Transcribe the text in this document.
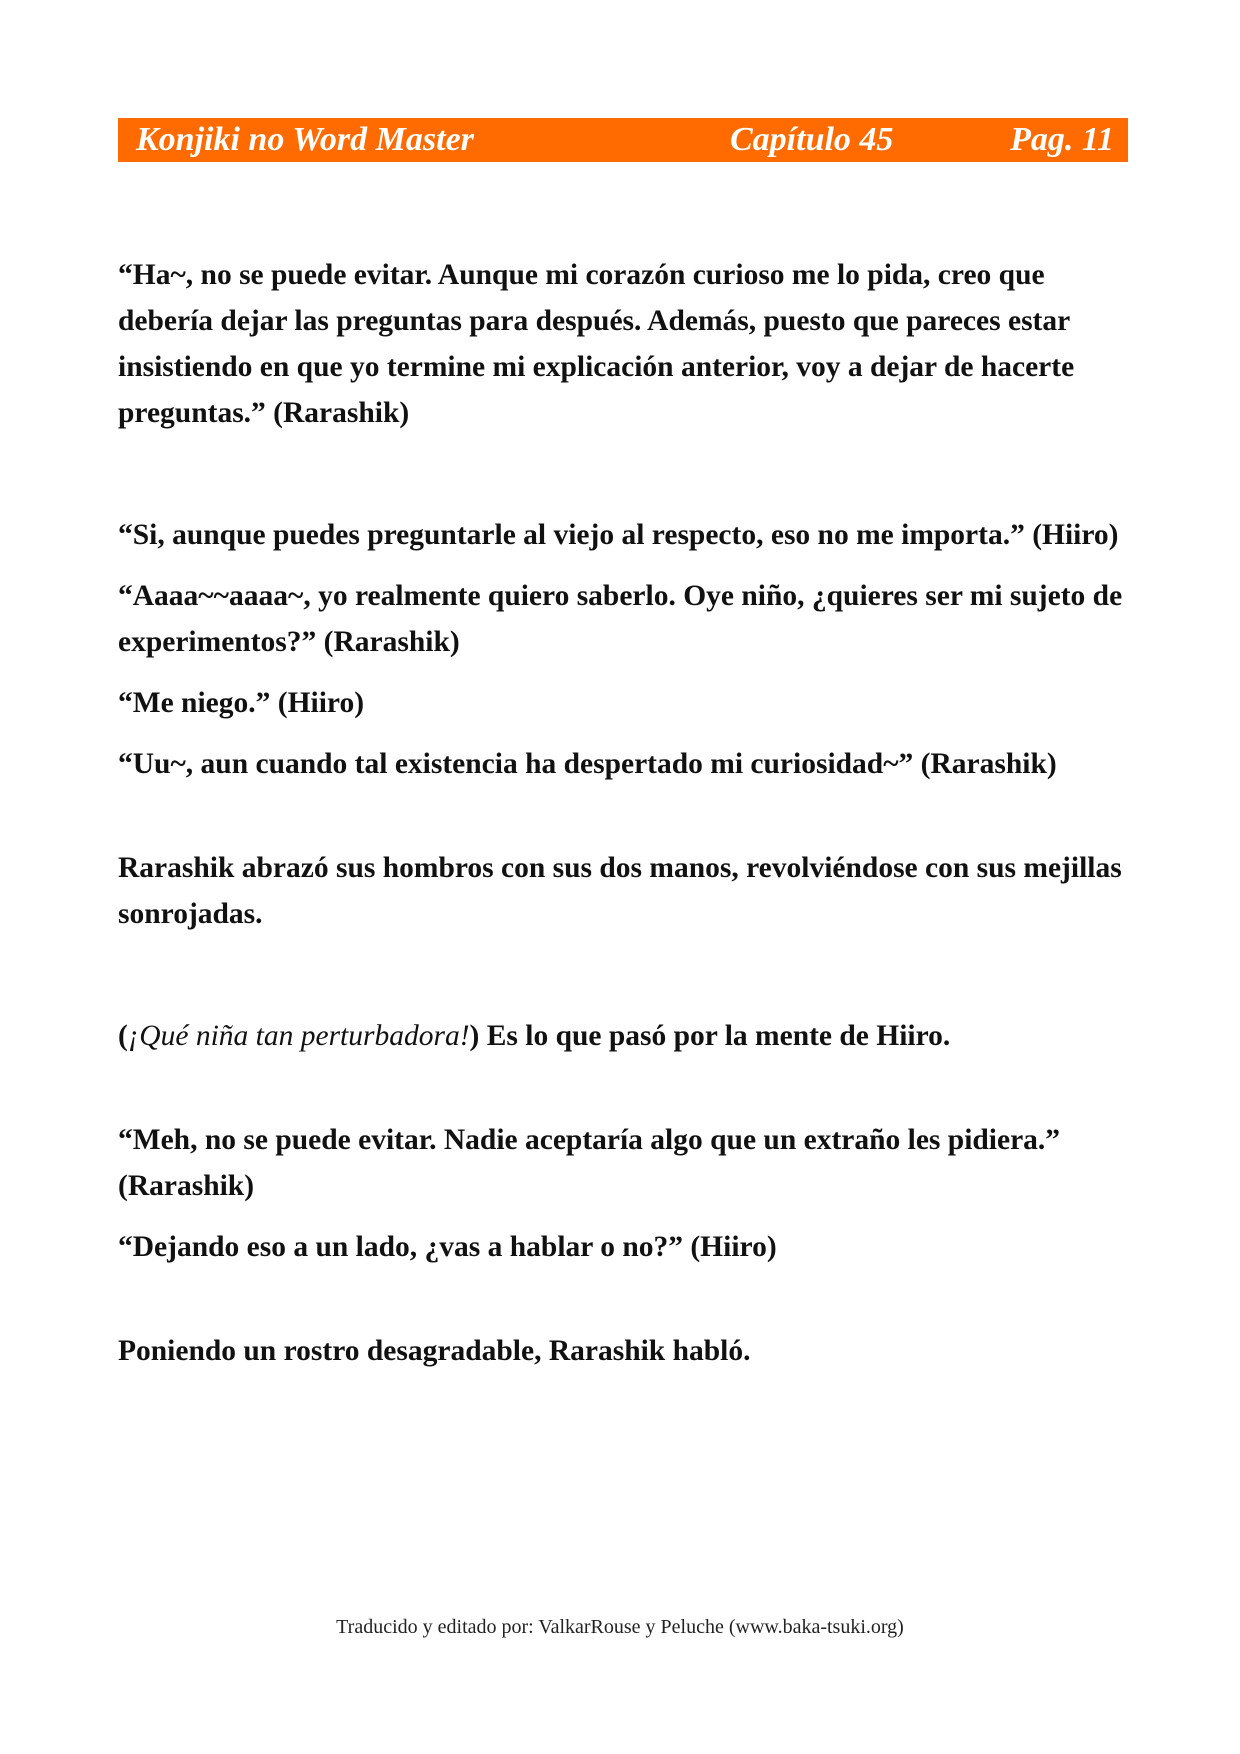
Konjiki no Word Master	Capítulo 45	Pag. 11

“Ha~, no se puede evitar. Aunque mi corazón curioso me lo pida, creo que debería dejar las preguntas para después. Además, puesto que pareces estar insistiendo en que yo termine mi explicación anterior, voy a dejar de hacerte preguntas.” (Rarashik)

“Si, aunque puedes preguntarle al viejo al respecto, eso no me importa.” (Hiiro)

“Aaaa~~aaaa~, yo realmente quiero saberlo. Oye niño, ¿quieres ser mi sujeto de experimentos?” (Rarashik)

“Me niego.” (Hiiro)

“Uu~, aun cuando tal existencia ha despertado mi curiosidad~” (Rarashik)

Rarashik abrazó sus hombros con sus dos manos, revolviéndose con sus mejillas sonrojadas.

(¡Qué niña tan perturbadora!) Es lo que pasó por la mente de Hiiro.

“Meh, no se puede evitar. Nadie aceptaría algo que un extraño les pidiera.” (Rarashik)

“Dejando eso a un lado, ¿vas a hablar o no?” (Hiiro)

Poniendo un rostro desagradable, Rarashik habló.

Traducido y editado por: ValkarRouse y Peluche (www.baka-tsuki.org)
